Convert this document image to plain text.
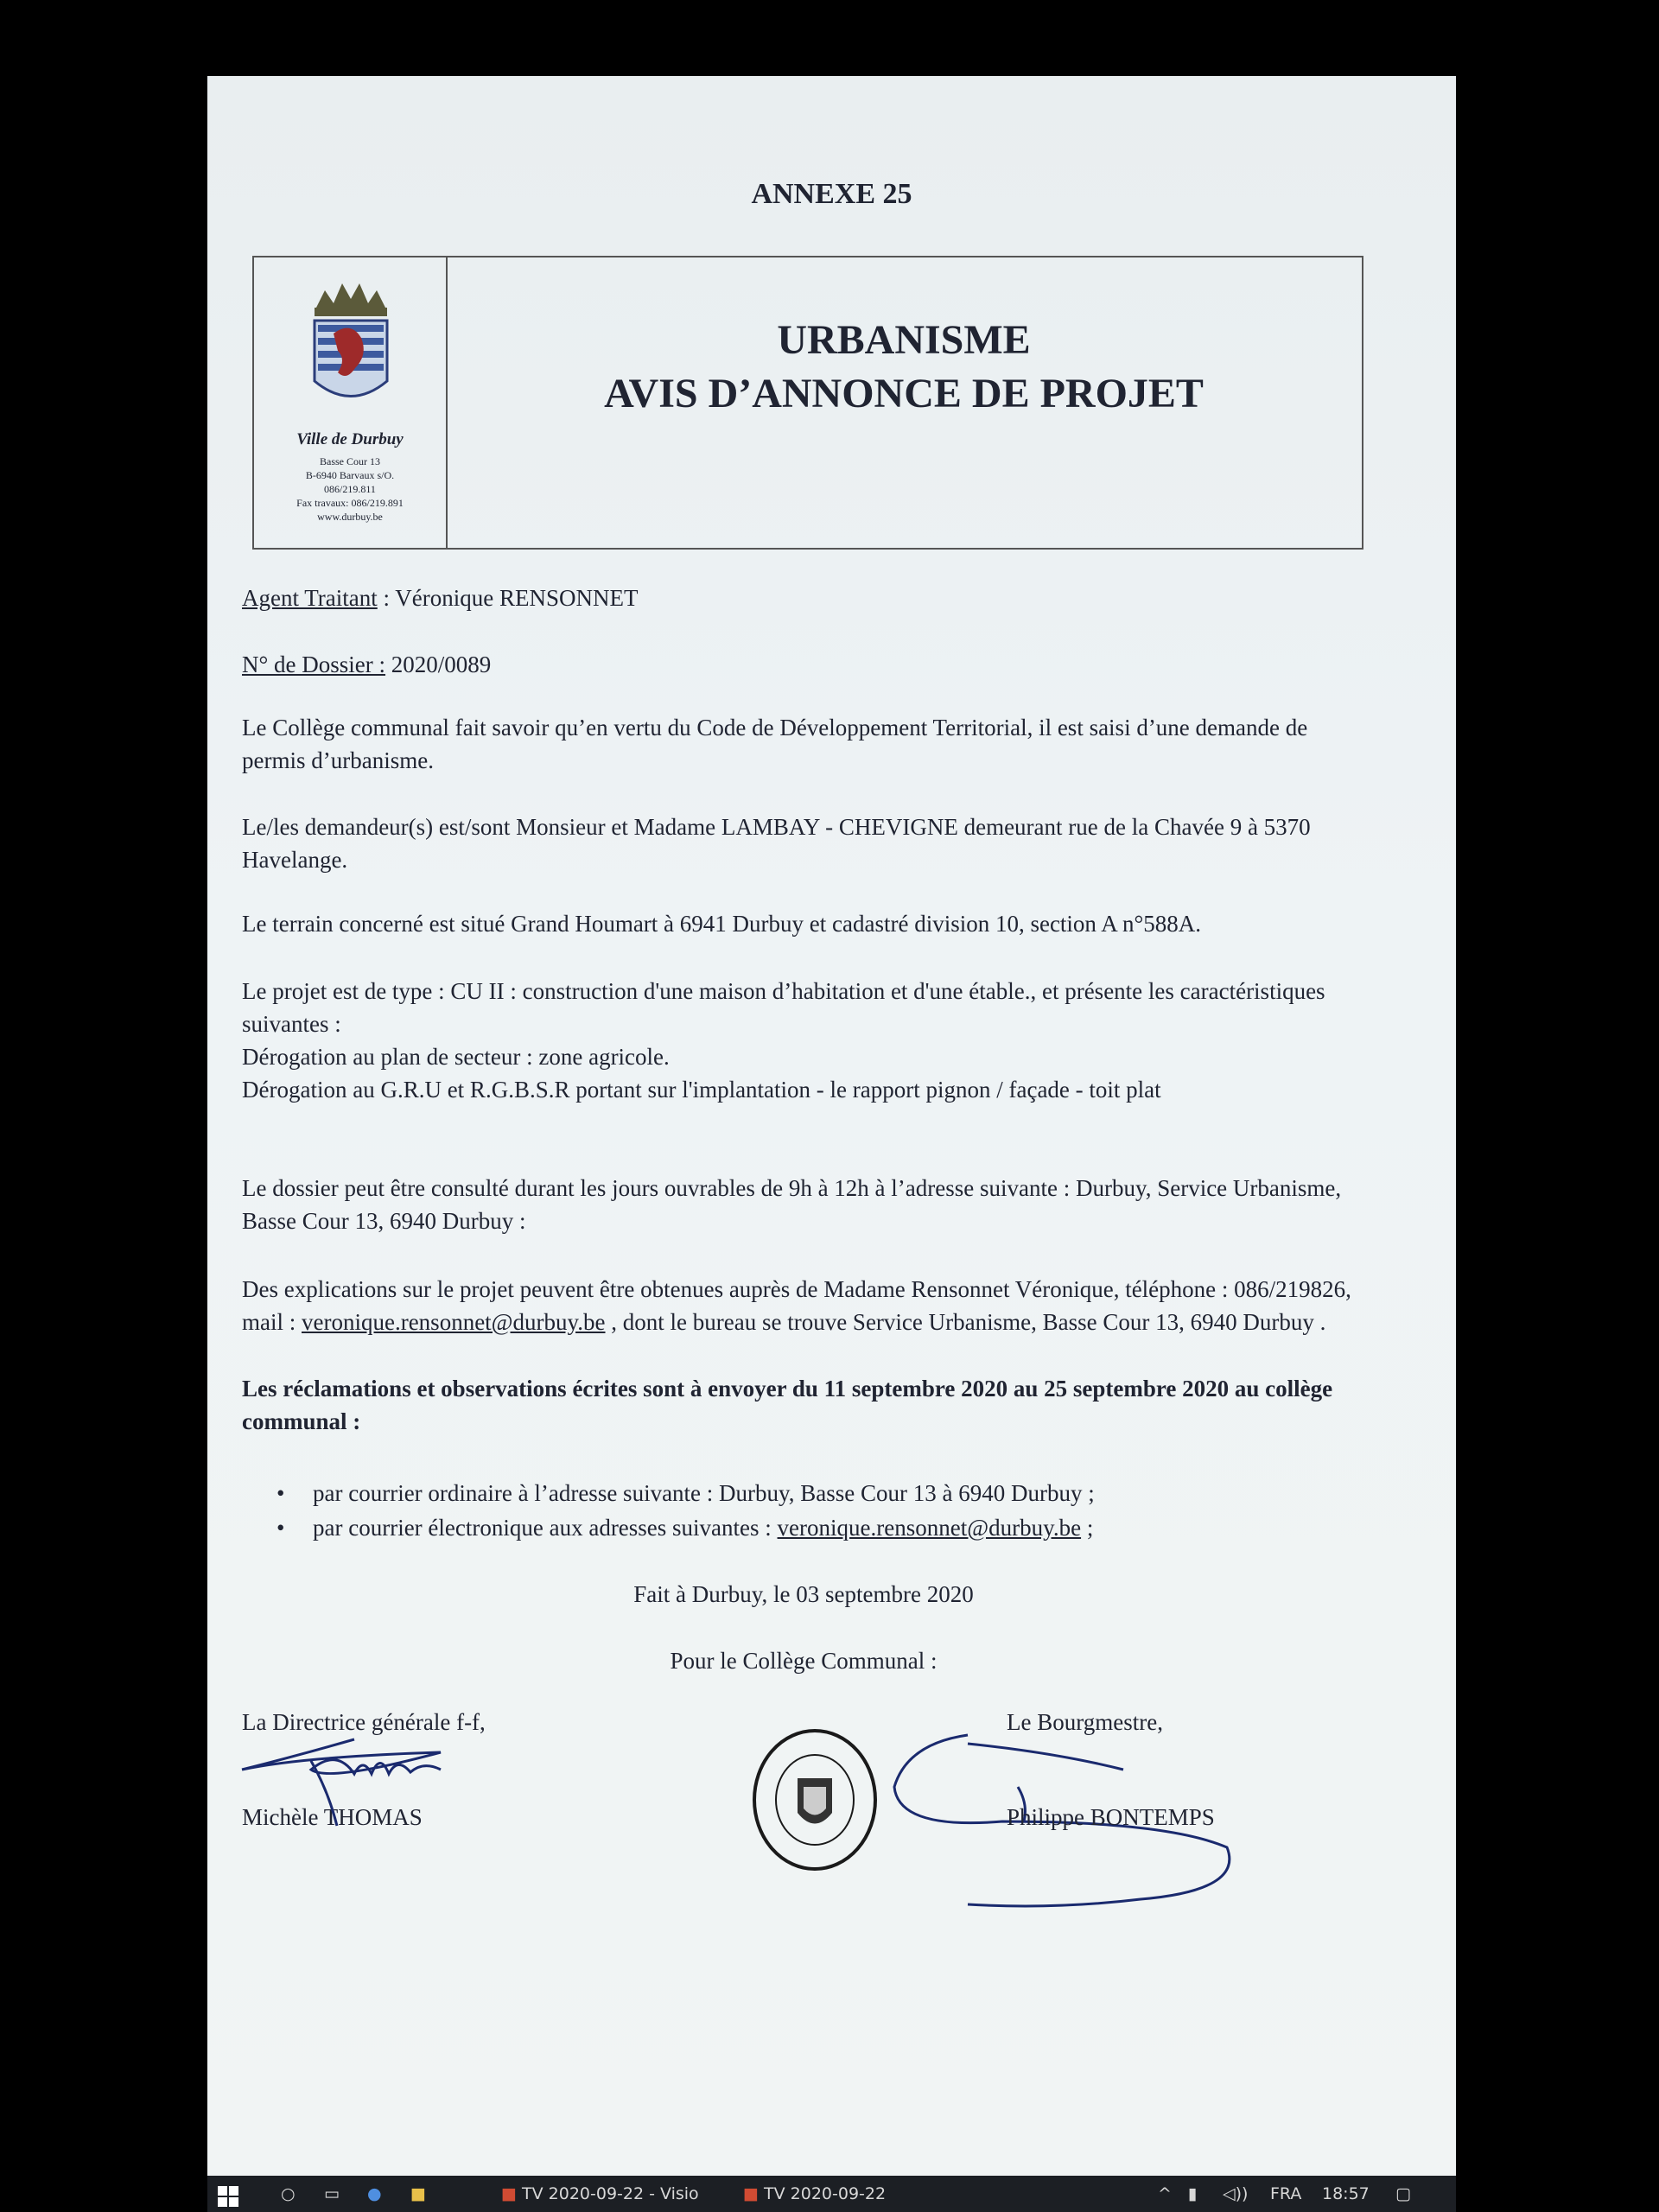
ANNEXE 25
Ville de Durbuy
Basse Cour 13
B-6940 Barvaux s/O.
086/219.811
Fax travaux: 086/219.891
www.durbuy.be
URBANISME
AVIS D’ANNONCE DE PROJET
Agent Traitant : Véronique RENSONNET
N° de Dossier : 2020/0089
Le Collège communal fait savoir qu’en vertu du Code de Développement Territorial, il est saisi d’une demande de permis d’urbanisme.
Le/les demandeur(s) est/sont Monsieur et Madame LAMBAY - CHEVIGNE demeurant rue de la Chavée 9 à 5370 Havelange.
Le terrain concerné est situé Grand Houmart à 6941 Durbuy et cadastré division 10, section A n°588A.
Le projet est de type : CU II : construction d'une maison d’habitation et d'une étable., et présente les caractéristiques suivantes :
Dérogation au plan de secteur : zone agricole.
Dérogation au G.R.U et R.G.B.S.R portant sur l'implantation - le rapport pignon / façade - toit plat
Le dossier peut être consulté durant les jours ouvrables de 9h à 12h à l’adresse suivante : Durbuy, Service Urbanisme, Basse Cour 13, 6940 Durbuy :
Des explications sur le projet peuvent être obtenues auprès de Madame Rensonnet Véronique, téléphone : 086/219826, mail : veronique.rensonnet@durbuy.be , dont le bureau se trouve Service Urbanisme, Basse Cour 13, 6940 Durbuy .
Les réclamations et observations écrites sont à envoyer du 11 septembre 2020 au 25 septembre 2020 au collège communal :
• par courrier ordinaire à l’adresse suivante : Durbuy, Basse Cour 13 à 6940 Durbuy ;
• par courrier électronique aux adresses suivantes : veronique.rensonnet@durbuy.be ;
Fait à Durbuy, le 03 septembre 2020
Pour le Collège Communal :
La Directrice générale f-f,
Michèle THOMAS
Le Bourgmestre,
Philippe BONTEMPS
○ ▭ ● ■	■ TV 2020-09-22 - Visio	■ TV 2020-09-22	^ ▮ ◁)) FRA 18:57 ▢
